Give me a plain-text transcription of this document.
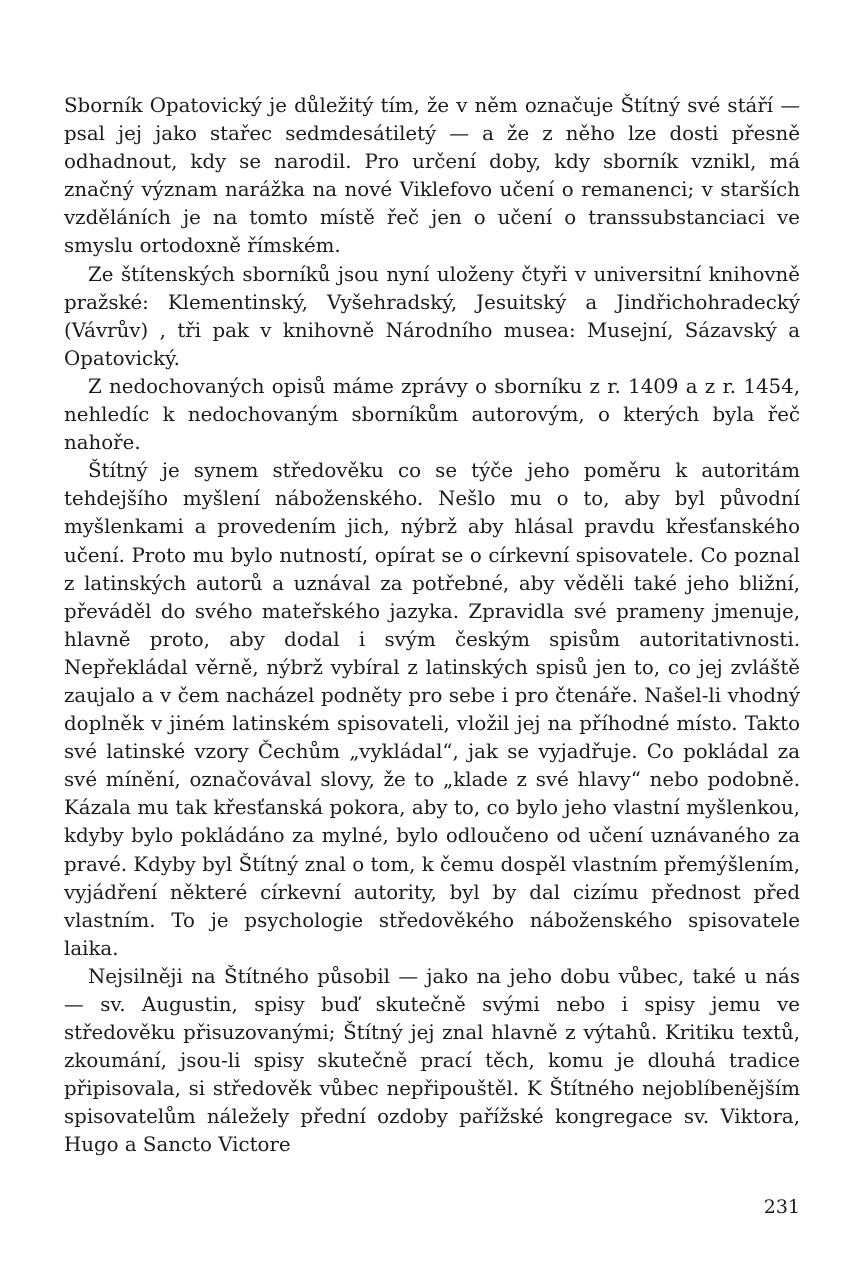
Sborník Opatovický je důležitý tím, že v něm označuje Štítný své stáří — psal jej jako stařec sedmdesátiletý — a že z něho lze dosti přesně odhadnout, kdy se narodil. Pro určení doby, kdy sborník vznikl, má značný význam narážka na nové Viklefovo učení o remanenci; v starších vzděláních je na tomto místě řeč jen o učení o transsubstanciaci ve smyslu ortodoxně římském.

Ze štítenských sborníků jsou nyní uloženy čtyři v universitní knihovně pražské: Klementinský, Vyšehradský, Jesuitský a Jindřichohradecký (Vávrův) , tři pak v knihovně Národního musea: Musejní, Sázavský a Opatovický.

Z nedochovaných opisů máme zprávy o sborníku z r. 1409 a z r. 1454, nehledíc k nedochovaným sborníkům autorovým, o kterých byla řeč nahoře.

Štítný je synem středověku co se týče jeho poměru k autoritám tehdejšího myšlení náboženského. Nešlo mu o to, aby byl původní myšlenkami a provedením jich, nýbrž aby hlásal pravdu křesťanského učení. Proto mu bylo nutností, opírat se o církevní spisovatele. Co poznal z latinských autorů a uznával za potřebné, aby věděli také jeho bližní, převáděl do svého mateřského jazyka. Zpravidla své prameny jmenuje, hlavně proto, aby dodal i svým českým spisům autoritativnosti. Nepřekládal věrně, nýbrž vybíral z latinských spisů jen to, co jej zvláště zaujalo a v čem nacházel podněty pro sebe i pro čtenáře. Našel-li vhodný doplněk v jiném latinském spisovateli, vložil jej na příhodné místo. Takto své latinské vzory Čechům „vykládal“, jak se vyjadřuje. Co pokládal za své mínění, označovával slovy, že to „klade z své hlavy“ nebo podobně. Kázala mu tak křesťanská pokora, aby to, co bylo jeho vlastní myšlenkou, kdyby bylo pokládáno za mylné, bylo odloučeno od učení uznávaného za pravé. Kdyby byl Štítný znal o tom, k čemu dospěl vlastním přemýšlením, vyjádření některé církevní autority, byl by dal cizímu přednost před vlastním. To je psychologie středověkého náboženského spisovatele laika.

Nejsilněji na Štítného působil — jako na jeho dobu vůbec, také u nás — sv. Augustin, spisy buď skutečně svými nebo i spisy jemu ve středověku přisuzovanými; Štítný jej znal hlavně z výtahů. Kritiku textů, zkoumání, jsou-li spisy skutečně prací těch, komu je dlouhá tradice připisovala, si středověk vůbec nepřipouštěl. K Štítného nejoblíbenějším spisovatelům náležely přední ozdoby pařížské kongregace sv. Viktora, Hugo a Sancto Victore

231
